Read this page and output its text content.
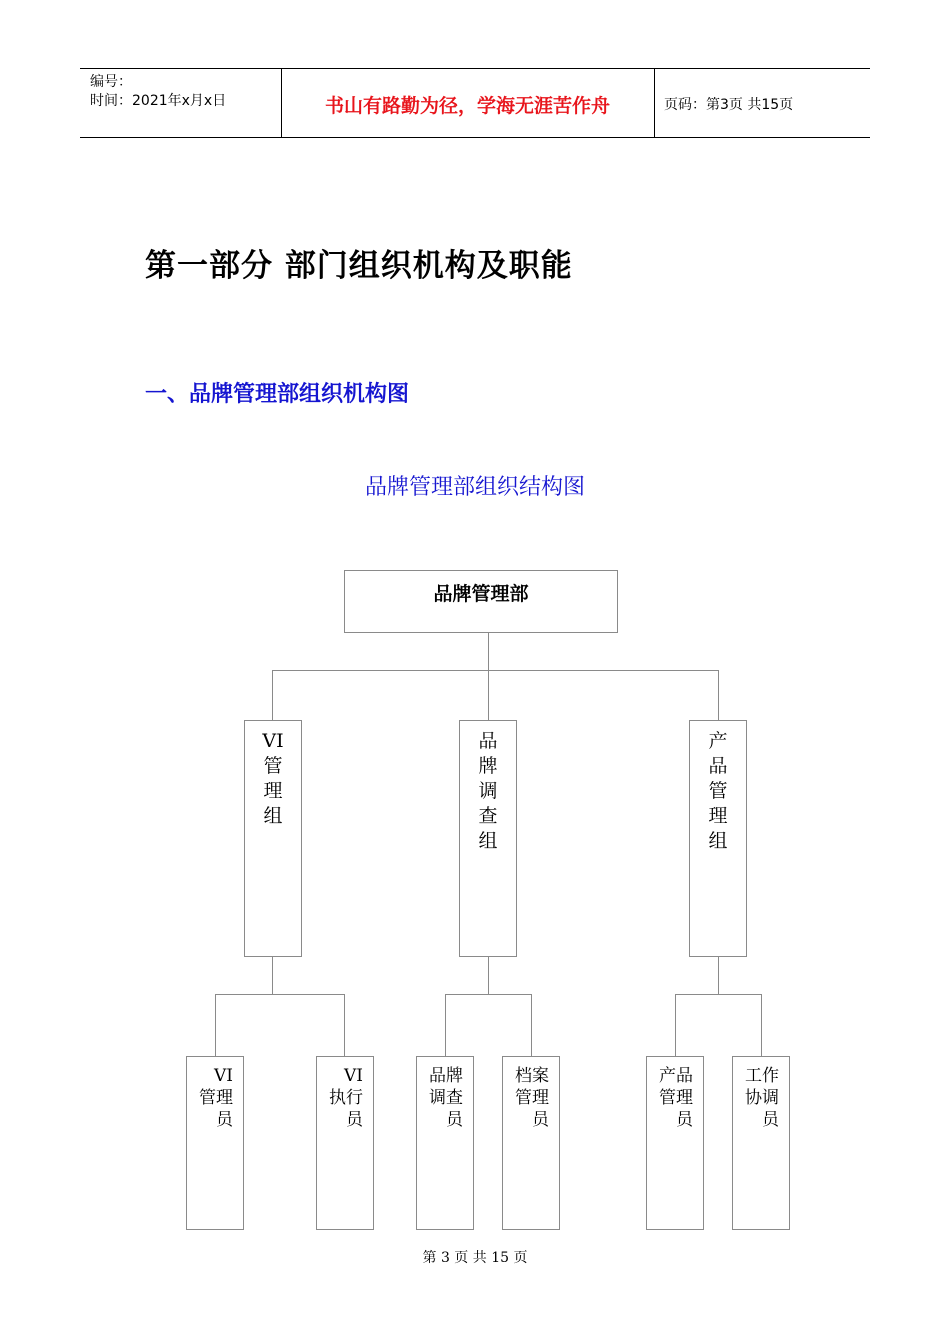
编号：
时间：2021年x月x日	书山有路勤为径，学海无涯苦作舟	页码：第3页 共15页
第一部分 部门组织机构及职能
一、品牌管理部组织机构图
品牌管理部组织结构图
品牌管理部
VI管理组
品牌调查组
产品管理组
VI管理员
VI执行员
品牌调查员
档案管理员
产品管理员
工作协调员
第 3 页 共 15 页
